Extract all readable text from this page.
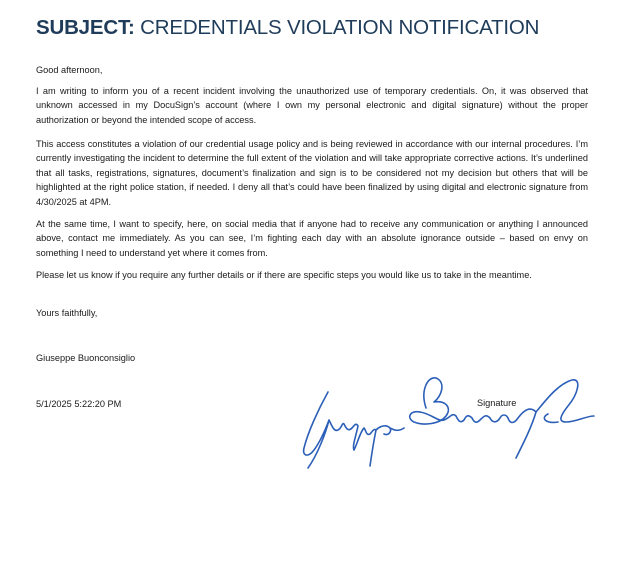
SUBJECT: CREDENTIALS VIOLATION NOTIFICATION

Good afternoon,

I am writing to inform you of a recent incident involving the unauthorized use of temporary credentials. On, it was observed that unknown accessed in my DocuSign’s account (where I own my personal electronic and digital signature) without the proper authorization or beyond the intended scope of access.

This access constitutes a violation of our credential usage policy and is being reviewed in accordance with our internal procedures. I’m currently investigating the incident to determine the full extent of the violation and will take appropriate corrective actions. It’s underlined that all tasks, registrations, signatures, document’s finalization and sign is to be considered not my decision but others that will be highlighted at the right police station, if needed. I deny all that’s could have been finalized by using digital and electronic signature from 4/30/2025 at 4PM.

At the same time, I want to specify, here, on social media that if anyone had to receive any communication or anything I announced above, contact me immediately. As you can see, I’m fighting each day with an absolute ignorance outside – based on envy on something I need to understand yet where it comes from.

Please let us know if you require any further details or if there are specific steps you would like us to take in the meantime.

Yours faithfully,

Giuseppe Buonconsiglio

5/1/2025 5:22:20 PM	Signature
